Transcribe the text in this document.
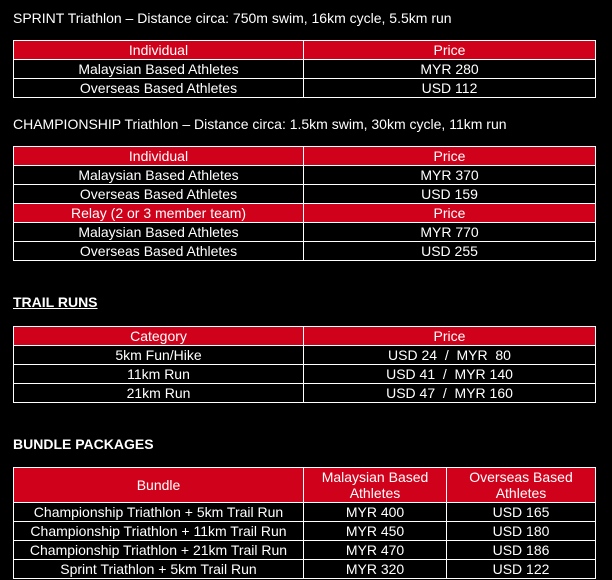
SPRINT Triathlon – Distance circa: 750m swim, 16km cycle, 5.5km run
Individual	Price
Malaysian Based Athletes	MYR 280
Overseas Based Athletes	USD 112
CHAMPIONSHIP Triathlon – Distance circa: 1.5km swim, 30km cycle, 11km run
Individual	Price
Malaysian Based Athletes	MYR 370
Overseas Based Athletes	USD 159
Relay (2 or 3 member team)	Price
Malaysian Based Athletes	MYR 770
Overseas Based Athletes	USD 255
TRAIL RUNS
Category	Price
5km Fun/Hike	USD 24  /  MYR  80
11km Run	USD 41  /  MYR 140
21km Run	USD 47  /  MYR 160
BUNDLE PACKAGES
Bundle	Malaysian Based Athletes	Overseas Based Athletes
Championship Triathlon + 5km Trail Run	MYR 400	USD 165
Championship Triathlon + 11km Trail Run	MYR 450	USD 180
Championship Triathlon + 21km Trail Run	MYR 470	USD 186
Sprint Triathlon + 5km Trail Run	MYR 320	USD 122
